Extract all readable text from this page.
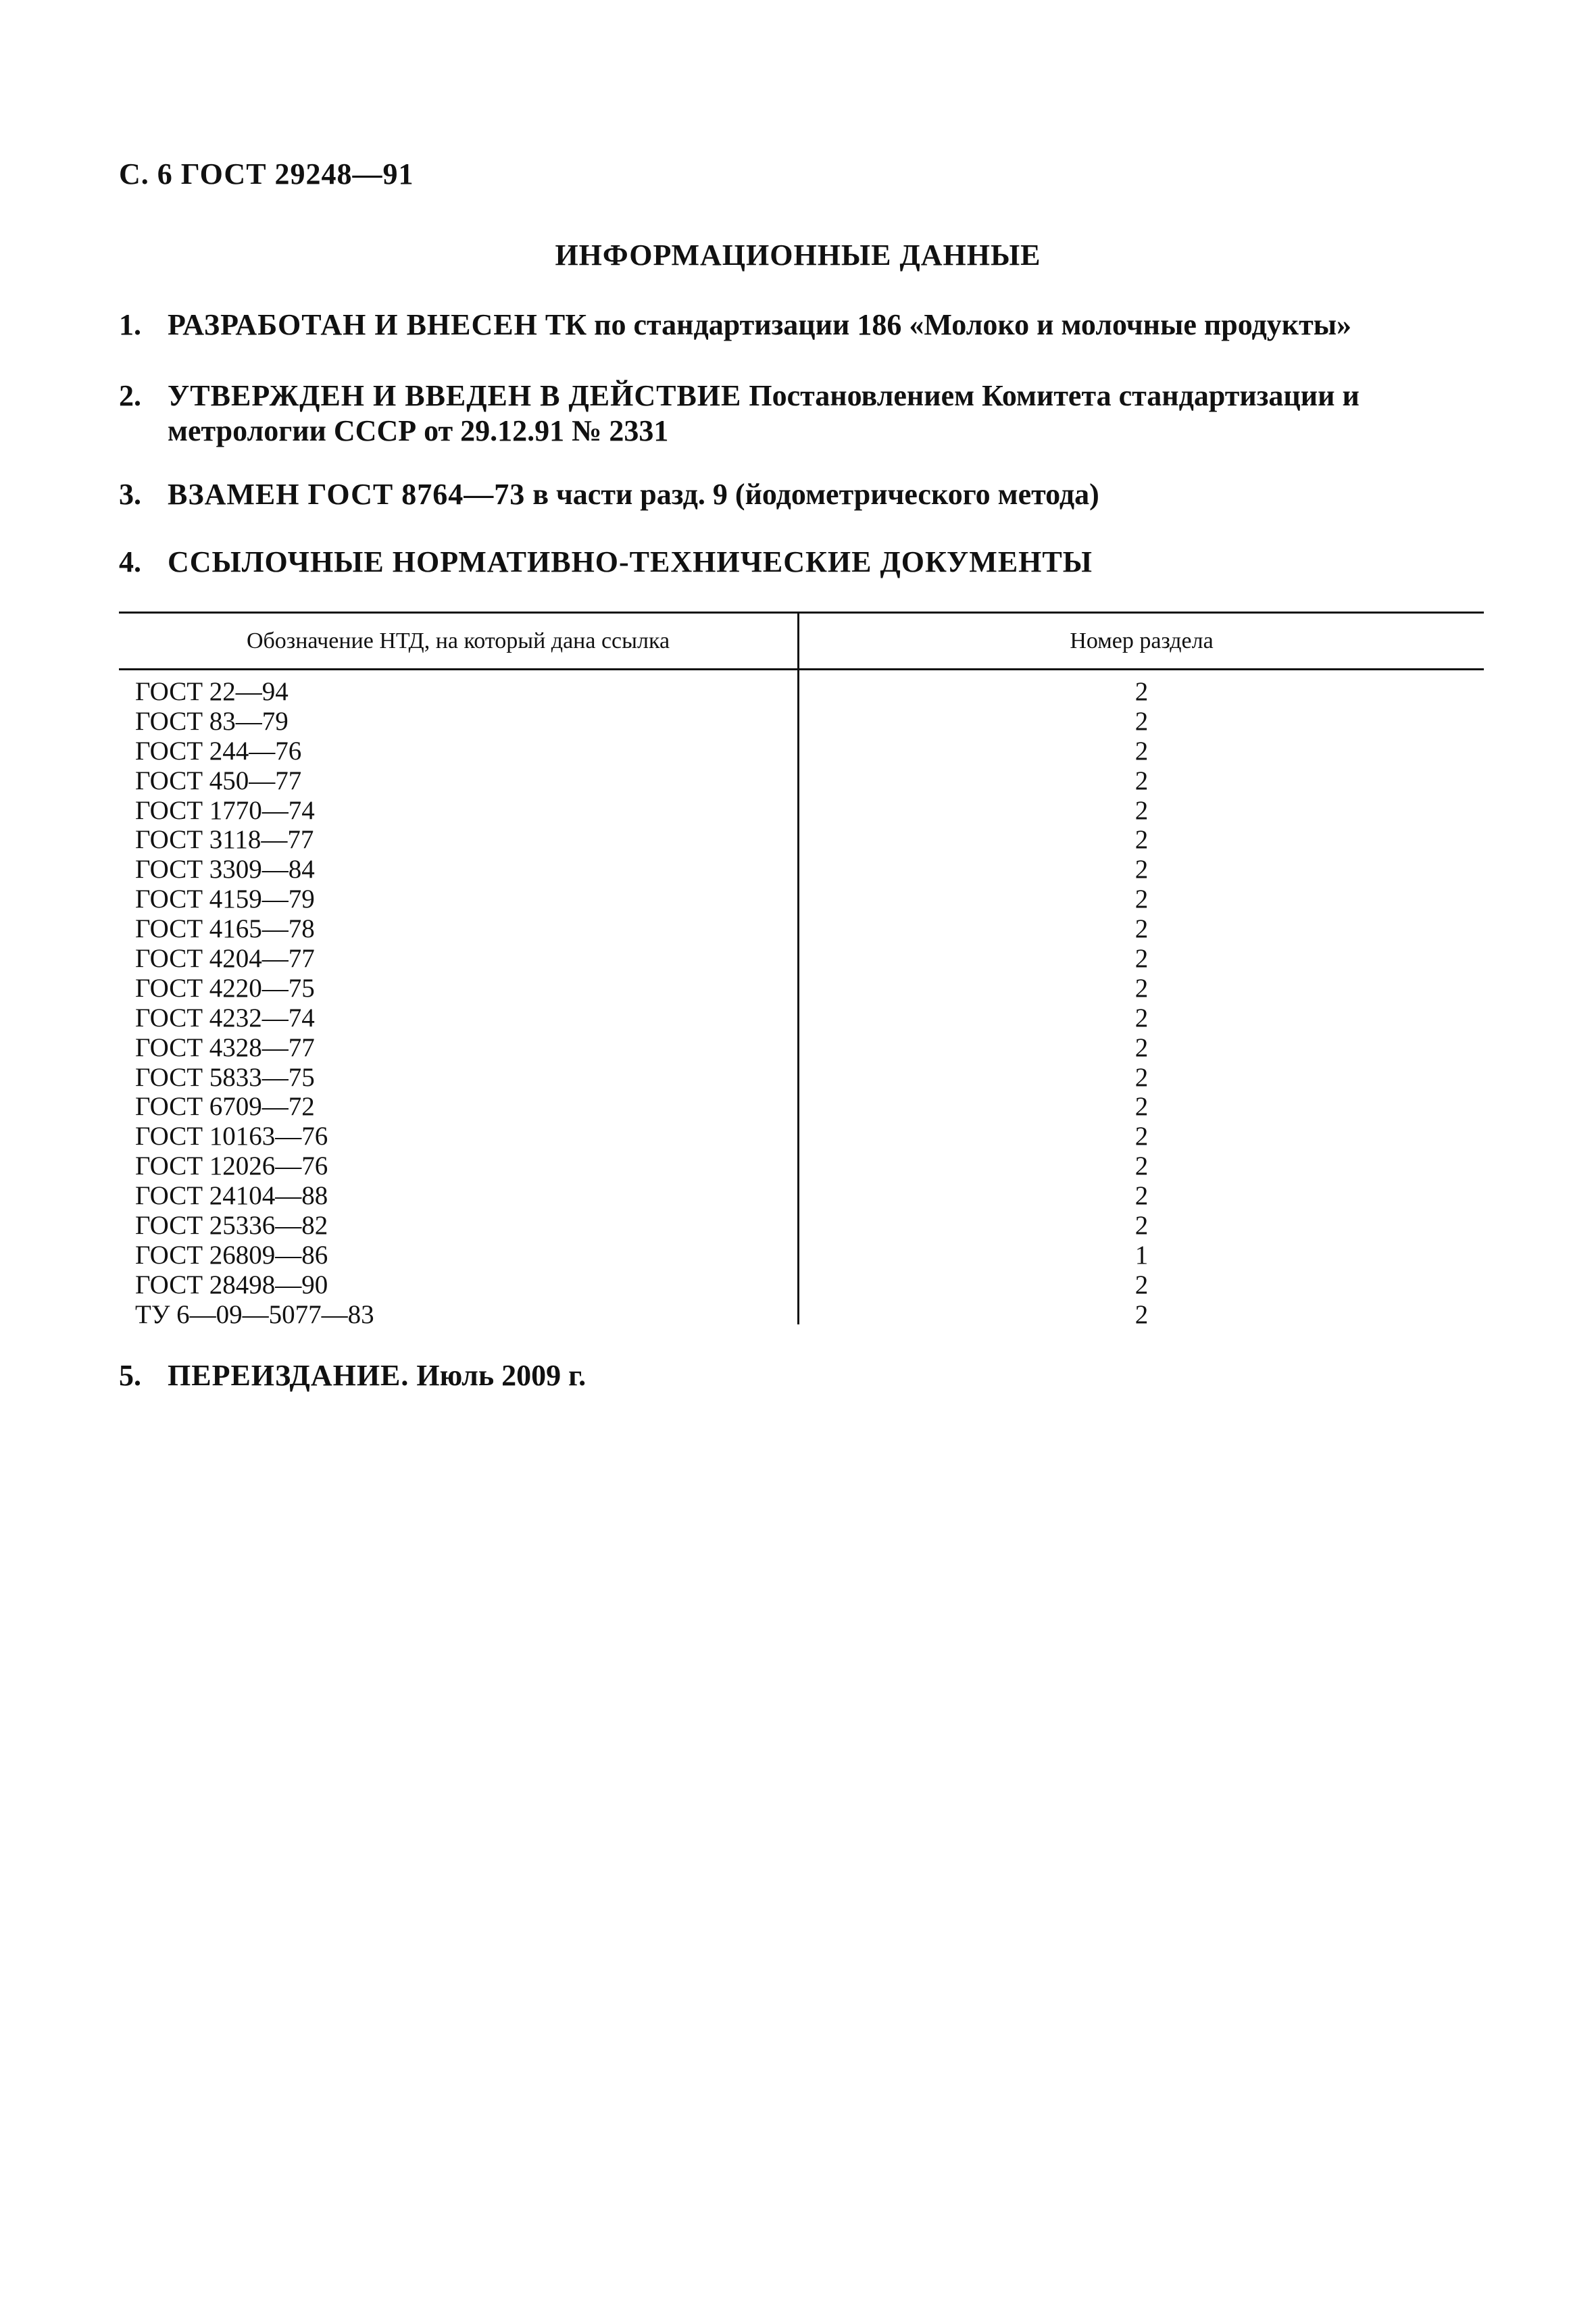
С. 6 ГОСТ 29248—91
ИНФОРМАЦИОННЫЕ ДАННЫЕ
1. РАЗРАБОТАН И ВНЕСЕН ТК по стандартизации 186 «Молоко и молочные продукты»
2. УТВЕРЖДЕН И ВВЕДЕН В ДЕЙСТВИЕ Постановлением Комитета стандартизации и метрологии СССР от 29.12.91 № 2331
3. ВЗАМЕН ГОСТ 8764—73 в части разд. 9 (йодометрического метода)
4. ССЫЛОЧНЫЕ НОРМАТИВНО-ТЕХНИЧЕСКИЕ ДОКУМЕНТЫ
Обозначение НТД, на который дана ссылка	Номер раздела
ГОСТ 22—94	2
ГОСТ 83—79	2
ГОСТ 244—76	2
ГОСТ 450—77	2
ГОСТ 1770—74	2
ГОСТ 3118—77	2
ГОСТ 3309—84	2
ГОСТ 4159—79	2
ГОСТ 4165—78	2
ГОСТ 4204—77	2
ГОСТ 4220—75	2
ГОСТ 4232—74	2
ГОСТ 4328—77	2
ГОСТ 5833—75	2
ГОСТ 6709—72	2
ГОСТ 10163—76	2
ГОСТ 12026—76	2
ГОСТ 24104—88	2
ГОСТ 25336—82	2
ГОСТ 26809—86	1
ГОСТ 28498—90	2
ТУ 6—09—5077—83	2
5. ПЕРЕИЗДАНИЕ. Июль 2009 г.
